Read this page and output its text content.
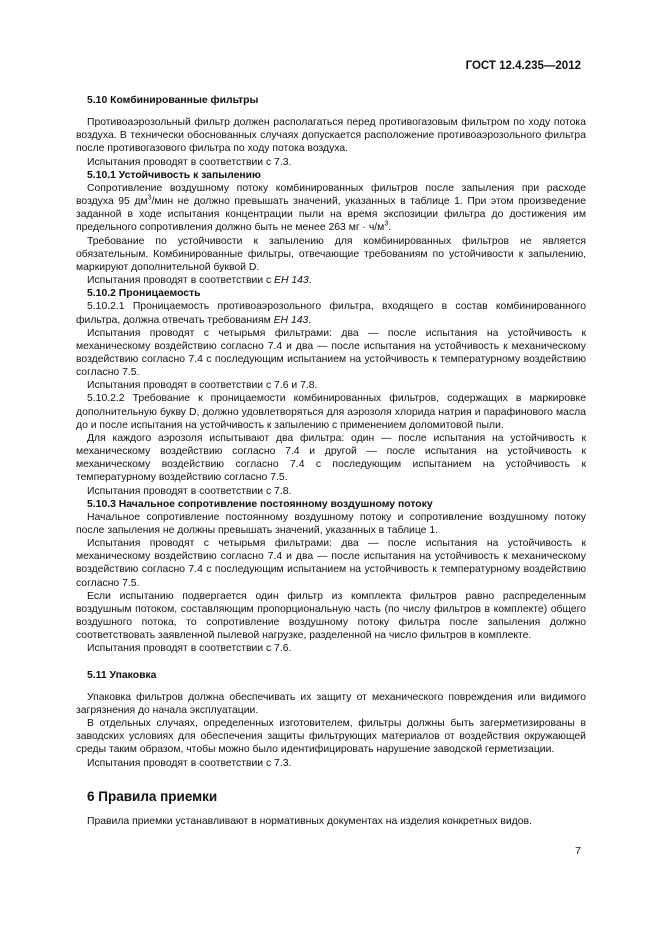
ГОСТ 12.4.235—2012

5.10 Комбинированные фильтры

Противоаэрозольный фильтр должен располагаться перед противогазовым фильтром по ходу потока воздуха. В технически обоснованных случаях допускается расположение противоаэрозольного фильтра после противогазового фильтра по ходу потока воздуха.

Испытания проводят в соответствии с 7.3.

5.10.1 Устойчивость к запылению

Сопротивление воздушному потоку комбинированных фильтров после запыления при расходе воздуха 95 $дм^3$/мин не должно превышать значений, указанных в таблице 1. При этом произведение заданной в ходе испытания концентрации пыли на время экспозиции фильтра до достижения им предельного сопротивления должно быть не менее 263 мг · $ч/м^3$.

Требование по устойчивости к запылению для комбинированных фильтров не является обязательным. Комбинированные фильтры, отвечающие требованиям по устойчивости к запылению, маркируют дополнительной буквой D.

Испытания проводят в соответствии с ЕН 143.

5.10.2 Проницаемость

5.10.2.1 Проницаемость противоаэрозольного фильтра, входящего в состав комбинированного фильтра, должна отвечать требованиям ЕН 143.

Испытания проводят с четырьмя фильтрами: два — после испытания на устойчивость к механическому воздействию согласно 7.4 и два — после испытания на устойчивость к механическому воздействию согласно 7.4 с последующим испытанием на устойчивость к температурному воздействию согласно 7.5.

Испытания проводят в соответствии с 7.6 и 7.8.

5.10.2.2 Требование к проницаемости комбинированных фильтров, содержащих в маркировке дополнительную букву D, должно удовлетворяться для аэрозоля хлорида натрия и парафинового масла до и после испытания на устойчивость к запылению с применением доломитовой пыли.

Для каждого аэрозоля испытывают два фильтра: один — после испытания на устойчивость к механическому воздействию согласно 7.4 и другой — после испытания на устойчивость к механическому воздействию согласно 7.4 с последующим испытанием на устойчивость к температурному воздействию согласно 7.5.

Испытания проводят в соответствии с 7.8.

5.10.3 Начальное сопротивление постоянному воздушному потоку

Начальное сопротивление постоянному воздушному потоку и сопротивление воздушному потоку после запыления не должны превышать значений, указанных в таблице 1.

Испытания проводят с четырьмя фильтрами: два — после испытания на устойчивость к механическому воздействию согласно 7.4 и два — после испытания на устойчивость к механическому воздействию согласно 7.4 с последующим испытанием на устойчивость к температурному воздействию согласно 7.5.

Если испытанию подвергается один фильтр из комплекта фильтров равно распределенным воздушным потоком, составляющим пропорциональную часть (по числу фильтров в комплекте) общего воздушного потока, то сопротивление воздушному потоку фильтра после запыления должно соответствовать заявленной пылевой нагрузке, разделенной на число фильтров в комплекте.

Испытания проводят в соответствии с 7.6.

5.11 Упаковка

Упаковка фильтров должна обеспечивать их защиту от механического повреждения или видимого загрязнения до начала эксплуатации.

В отдельных случаях, определенных изготовителем, фильтры должны быть загерметизированы в заводских условиях для обеспечения защиты фильтрующих материалов от воздействия окружающей среды таким образом, чтобы можно было идентифицировать нарушение заводской герметизации.

Испытания проводят в соответствии с 7.3.

6 Правила приемки

Правила приемки устанавливают в нормативных документах на изделия конкретных видов.

7
